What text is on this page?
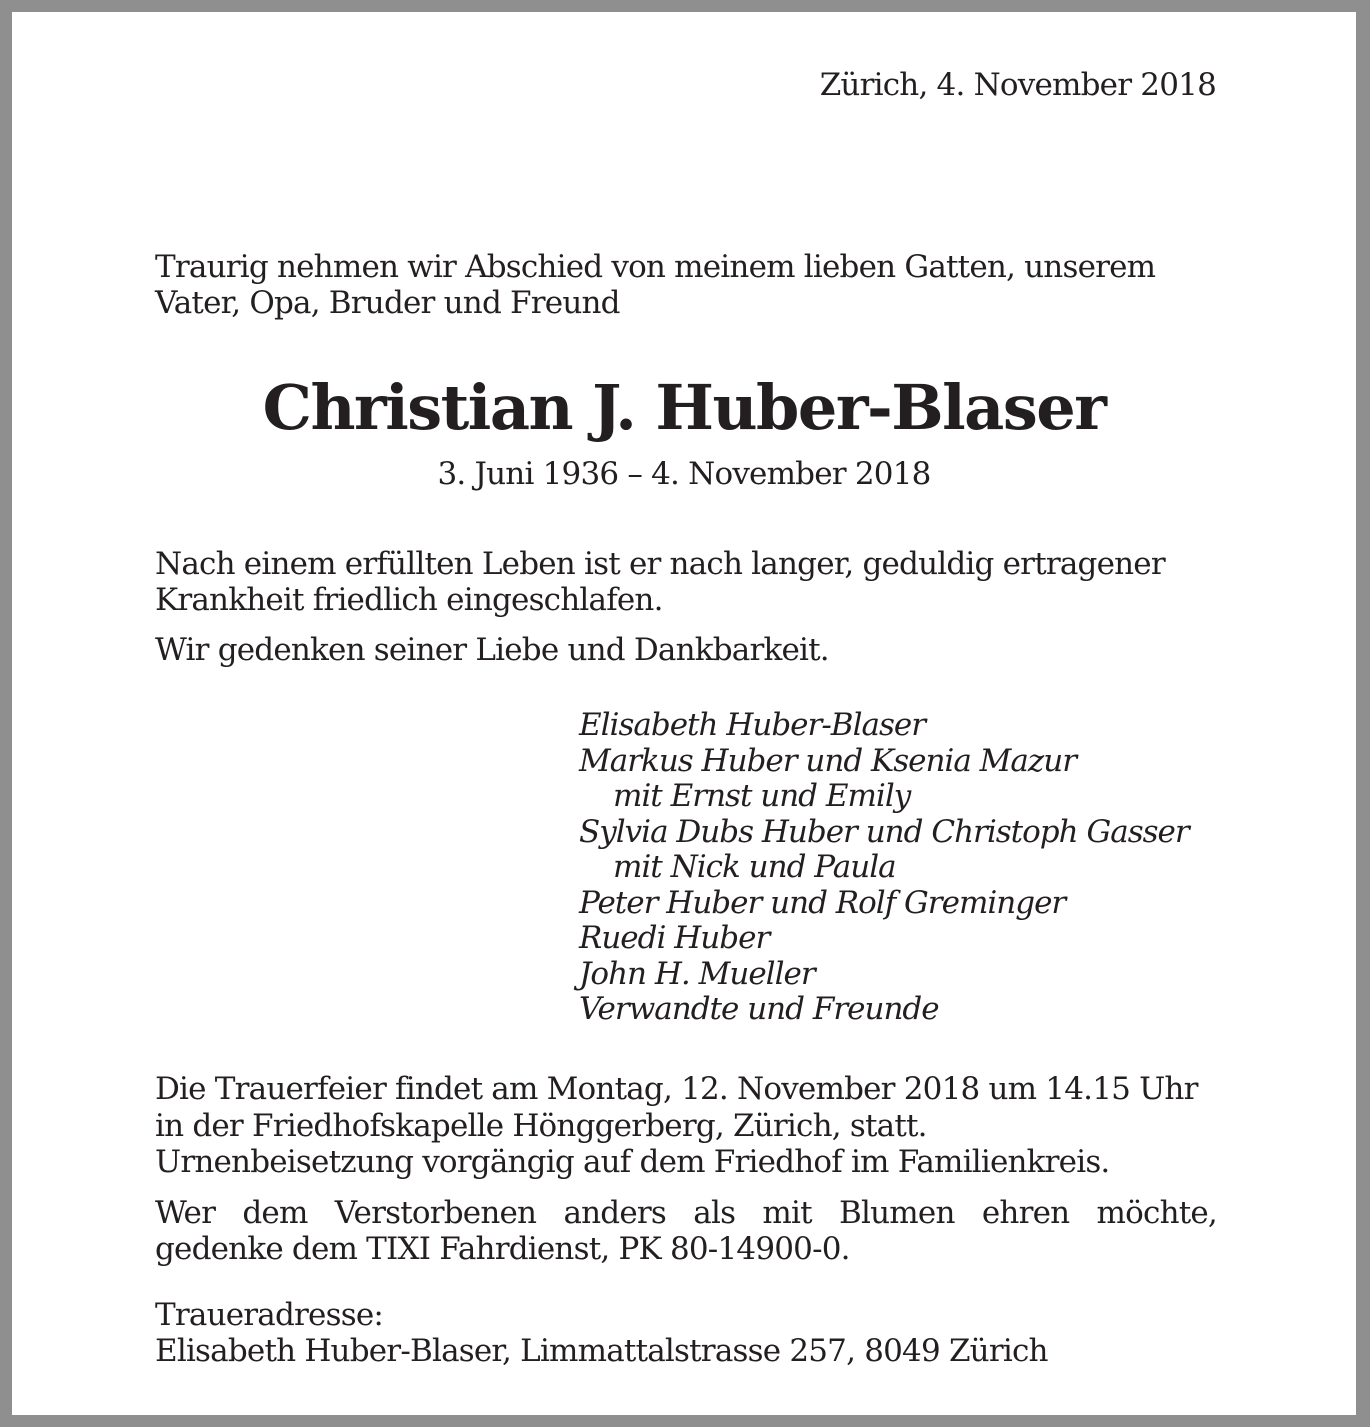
Zürich, 4. November 2018

Traurig nehmen wir Abschied von meinem lieben Gatten, unserem
Vater, Opa, Bruder und Freund

Christian J. Huber-Blaser

3. Juni 1936 – 4. November 2018

Nach einem erfüllten Leben ist er nach langer, geduldig ertragener
Krankheit friedlich eingeschlafen.

Wir gedenken seiner Liebe und Dankbarkeit.

Elisabeth Huber-Blaser
Markus Huber und Ksenia Mazur
mit Ernst und Emily
Sylvia Dubs Huber und Christoph Gasser
mit Nick und Paula
Peter Huber und Rolf Greminger
Ruedi Huber
John H. Mueller
Verwandte und Freunde

Die Trauerfeier findet am Montag, 12. November 2018 um 14.15 Uhr
in der Friedhofskapelle Hönggerberg, Zürich, statt.
Urnenbeisetzung vorgängig auf dem Friedhof im Familienkreis.

Wer dem Verstorbenen anders als mit Blumen ehren möchte,
gedenke dem TIXI Fahrdienst, PK 80-14900-0.

Traueradresse:
Elisabeth Huber-Blaser, Limmattalstrasse 257, 8049 Zürich
